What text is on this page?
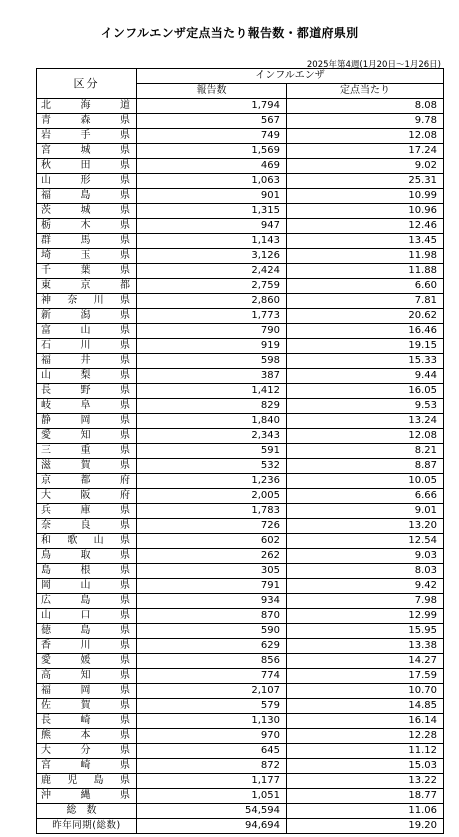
インフルエンザ定点当たり報告数・都道府県別
2025年第4週(1月20日～1月26日)
区分	インフルエンザ	
	報告数	定点当たり
北海道	1,794	8.08
青森県	567	9.78
岩手県	749	12.08
宮城県	1,569	17.24
秋田県	469	9.02
山形県	1,063	25.31
福島県	901	10.99
茨城県	1,315	10.96
栃木県	947	12.46
群馬県	1,143	13.45
埼玉県	3,126	11.98
千葉県	2,424	11.88
東京都	2,759	6.60
神奈川県	2,860	7.81
新潟県	1,773	20.62
富山県	790	16.46
石川県	919	19.15
福井県	598	15.33
山梨県	387	9.44
長野県	1,412	16.05
岐阜県	829	9.53
静岡県	1,840	13.24
愛知県	2,343	12.08
三重県	591	8.21
滋賀県	532	8.87
京都府	1,236	10.05
大阪府	2,005	6.66
兵庫県	1,783	9.01
奈良県	726	13.20
和歌山県	602	12.54
鳥取県	262	9.03
島根県	305	8.03
岡山県	791	9.42
広島県	934	7.98
山口県	870	12.99
徳島県	590	15.95
香川県	629	13.38
愛媛県	856	14.27
高知県	774	17.59
福岡県	2,107	10.70
佐賀県	579	14.85
長崎県	1,130	16.14
熊本県	970	12.28
大分県	645	11.12
宮崎県	872	15.03
鹿児島県	1,177	13.22
沖縄県	1,051	18.77
総数	54,594	11.06
昨年同期(総数)	94,694	19.20
